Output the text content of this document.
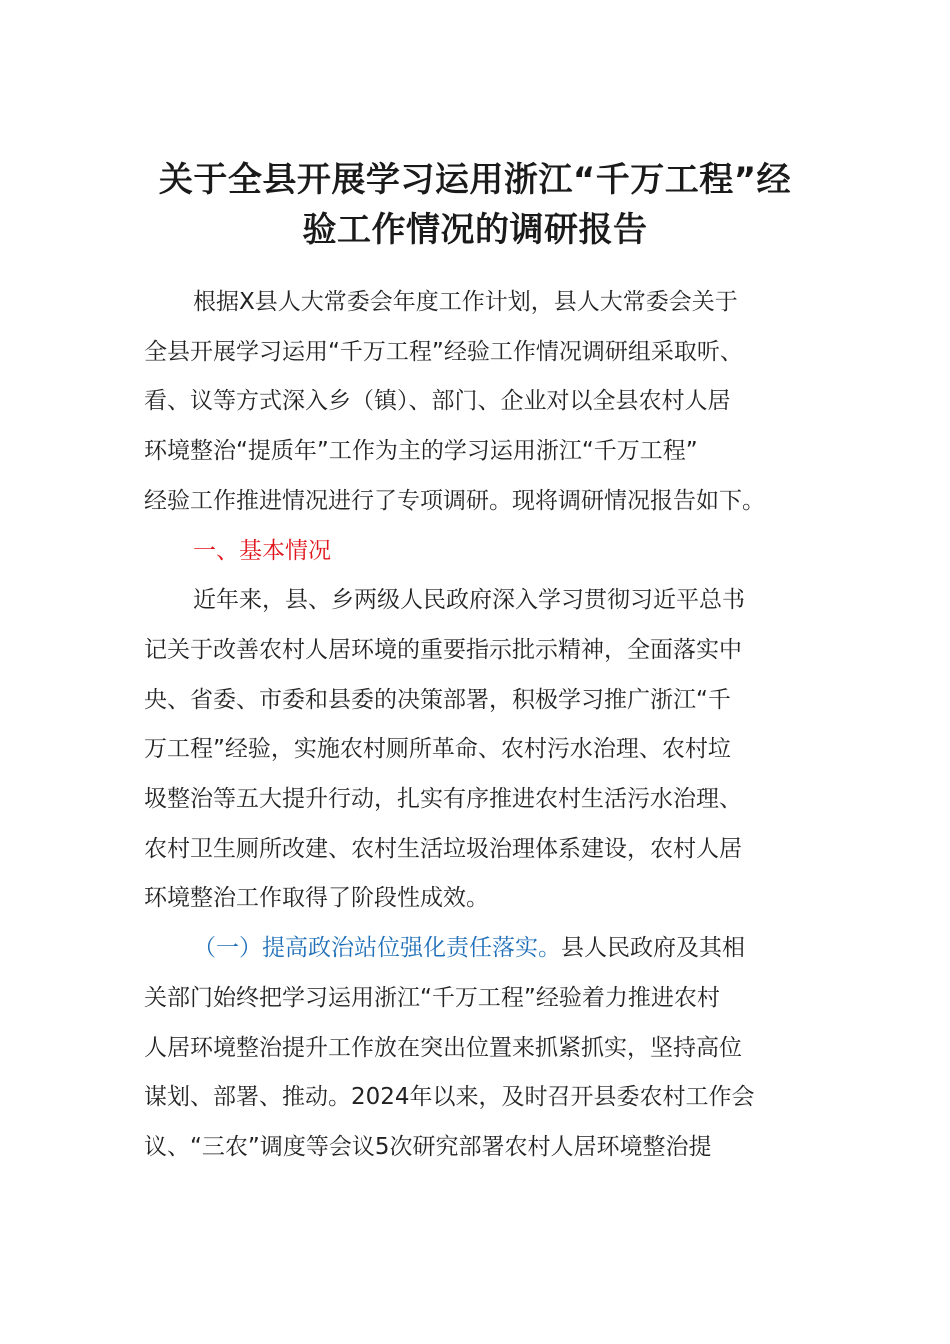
关于全县开展学习运用浙江“千万工程”经
验工作情况的调研报告
根据X县人大常委会年度工作计划，县人大常委会关于
全县开展学习运用“千万工程”经验工作情况调研组采取听、
看、议等方式深入乡（镇）、部门、企业对以全县农村人居
环境整治“提质年”工作为主的学习运用浙江“千万工程”
经验工作推进情况进行了专项调研。现将调研情况报告如下。
一、基本情况
近年来，县、乡两级人民政府深入学习贯彻习近平总书
记关于改善农村人居环境的重要指示批示精神，全面落实中
央、省委、市委和县委的决策部署，积极学习推广浙江“千
万工程”经验，实施农村厕所革命、农村污水治理、农村垃
圾整治等五大提升行动，扎实有序推进农村生活污水治理、
农村卫生厕所改建、农村生活垃圾治理体系建设，农村人居
环境整治工作取得了阶段性成效。
（一）提高政治站位强化责任落实。县人民政府及其相
关部门始终把学习运用浙江“千万工程”经验着力推进农村
人居环境整治提升工作放在突出位置来抓紧抓实，坚持高位
谋划、部署、推动。2024年以来，及时召开县委农村工作会
议、“三农”调度等会议5次研究部署农村人居环境整治提
